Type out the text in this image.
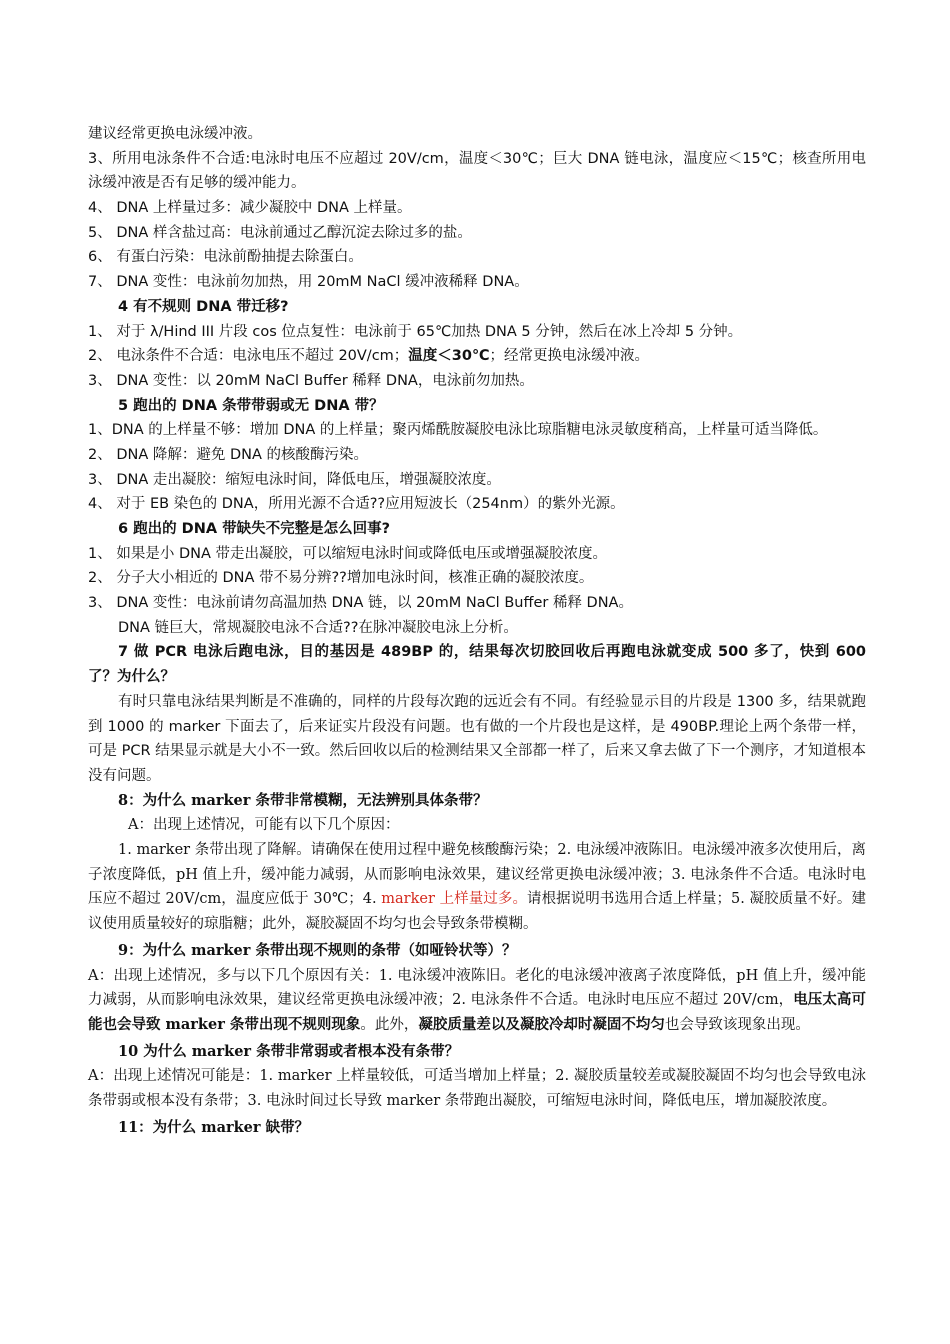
建议经常更换电泳缓冲液。
3、所用电泳条件不合适:电泳时电压不应超过 20V/cm，温度＜30℃；巨大 DNA 链电泳，温度应＜15℃；核查所用电泳缓冲液是否有足够的缓冲能力。
4、 DNA 上样量过多：减少凝胶中 DNA 上样量。
5、 DNA 样含盐过高：电泳前通过乙醇沉淀去除过多的盐。
6、 有蛋白污染：电泳前酚抽提去除蛋白。
7、 DNA 变性：电泳前勿加热，用 20mM NaCl 缓冲液稀释 DNA。
4 有不规则 DNA 带迁移?
1、 对于 λ/Hind III 片段 cos 位点复性：电泳前于 65℃加热 DNA 5 分钟，然后在冰上冷却 5 分钟。
2、 电泳条件不合适：电泳电压不超过 20V/cm；温度＜30℃；经常更换电泳缓冲液。
3、 DNA 变性：以 20mM NaCl Buffer 稀释 DNA，电泳前勿加热。
5 跑出的 DNA 条带带弱或无 DNA 带？
1、DNA 的上样量不够：增加 DNA 的上样量；聚丙烯酰胺凝胶电泳比琼脂糖电泳灵敏度稍高，上样量可适当降低。
2、 DNA 降解：避免 DNA 的核酸酶污染。
3、 DNA 走出凝胶：缩短电泳时间，降低电压，增强凝胶浓度。
4、 对于 EB 染色的 DNA，所用光源不合适??应用短波长（254nm）的紫外光源。
6 跑出的 DNA 带缺失不完整是怎么回事?
1、 如果是小 DNA 带走出凝胶，可以缩短电泳时间或降低电压或增强凝胶浓度。
2、 分子大小相近的 DNA 带不易分辨??增加电泳时间，核准正确的凝胶浓度。
3、 DNA 变性：电泳前请勿高温加热 DNA 链，以 20mM NaCl Buffer 稀释 DNA。
DNA 链巨大，常规凝胶电泳不合适??在脉冲凝胶电泳上分析。
7 做 PCR 电泳后跑电泳，目的基因是 489BP 的，结果每次切胶回收后再跑电泳就变成 500 多了，快到 600 了？为什么？
有时只靠电泳结果判断是不准确的，同样的片段每次跑的远近会有不同。有经验显示目的片段是 1300 多，结果就跑到 1000 的 marker 下面去了，后来证实片段没有问题。也有做的一个片段也是这样，是 490BP.理论上两个条带一样，可是 PCR 结果显示就是大小不一致。然后回收以后的检测结果又全部都一样了，后来又拿去做了下一个测序，才知道根本没有问题。
8：为什么 marker 条带非常模糊，无法辨别具体条带？
A：出现上述情况，可能有以下几个原因：
1. marker 条带出现了降解。请确保在使用过程中避免核酸酶污染；2. 电泳缓冲液陈旧。电泳缓冲液多次使用后，离子浓度降低，pH 值上升，缓冲能力减弱，从而影响电泳效果，建议经常更换电泳缓冲液；3. 电泳条件不合适。电泳时电压应不超过 20V/cm，温度应低于 30℃；4. marker 上样量过多。请根据说明书选用合适上样量；5. 凝胶质量不好。建议使用质量较好的琼脂糖；此外，凝胶凝固不均匀也会导致条带模糊。
9：为什么 marker 条带出现不规则的条带（如哑铃状等）？
A：出现上述情况，多与以下几个原因有关：1. 电泳缓冲液陈旧。老化的电泳缓冲液离子浓度降低，pH 值上升，缓冲能力减弱，从而影响电泳效果，建议经常更换电泳缓冲液；2. 电泳条件不合适。电泳时电压应不超过 20V/cm，电压太高可能也会导致 marker 条带出现不规则现象。此外，凝胶质量差以及凝胶冷却时凝固不均匀也会导致该现象出现。
10 为什么 marker 条带非常弱或者根本没有条带？
A：出现上述情况可能是：1. marker 上样量较低，可适当增加上样量；2. 凝胶质量较差或凝胶凝固不均匀也会导致电泳条带弱或根本没有条带；3. 电泳时间过长导致 marker 条带跑出凝胶，可缩短电泳时间，降低电压，增加凝胶浓度。
11：为什么 marker 缺带？
